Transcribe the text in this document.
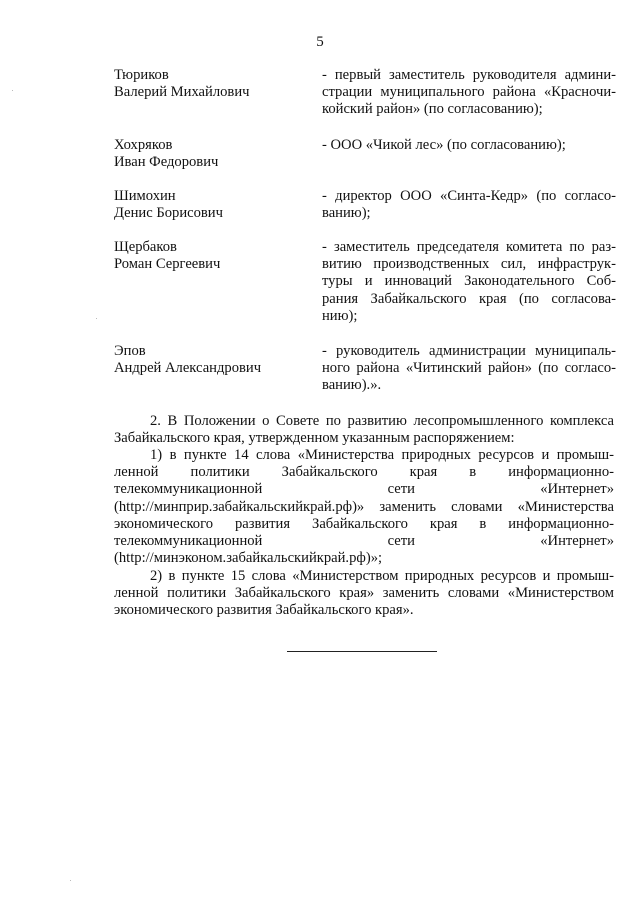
5
Тюриков
Валерий Михайлович
- первый заместитель руководителя админи-
страции муниципального района «Красночи-
койский район» (по согласованию);
Хохряков
Иван Федорович
- ООО «Чикой лес» (по согласованию);
Шимохин
Денис Борисович
- директор ООО «Синта-Кедр» (по согласо-
ванию);
Щербаков
Роман Сергеевич
- заместитель председателя комитета по раз-
витию производственных сил, инфраструк-
туры и инноваций Законодательного Соб-
рания Забайкальского края (по согласова-
нию);
Эпов
Андрей Александрович
- руководитель администрации муниципаль-
ного района «Читинский район» (по согласо-
ванию).».
2. В Положении о Совете по развитию лесопромышленного комплекса
Забайкальского края, утвержденном указанным распоряжением:
1) в пункте 14 слова «Министерства природных ресурсов и промыш-
ленной политики Забайкальского края в информационно-
телекоммуникационной сети «Интернет»
(http://минприр.забайкальскийкрай.рф)» заменить словами «Министерства
экономического развития Забайкальского края в информационно-
телекоммуникационной сети «Интернет»
(http://минэконом.забайкальскийкрай.рф)»;
2) в пункте 15 слова «Министерством природных ресурсов и промыш-
ленной политики Забайкальского края» заменить словами «Министерством
экономического развития Забайкальского края».
